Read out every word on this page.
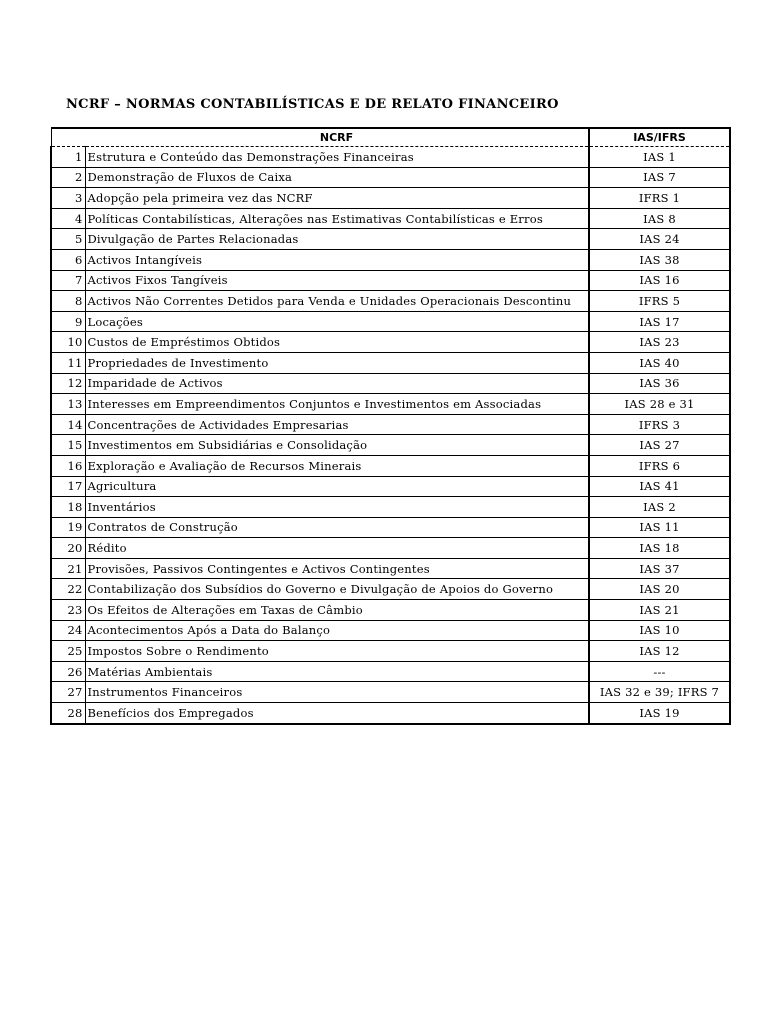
NCRF – NORMAS CONTABILÍSTICAS E DE RELATO FINANCEIRO
	NCRF	IAS/IFRS
1	Estrutura e Conteúdo das Demonstrações Financeiras	IAS 1
2	Demonstração de Fluxos de Caixa	IAS 7
3	Adopção pela primeira vez das NCRF	IFRS 1
4	Políticas Contabilísticas, Alterações nas Estimativas Contabilísticas e Erros	IAS 8
5	Divulgação de Partes Relacionadas	IAS 24
6	Activos Intangíveis	IAS 38
7	Activos Fixos Tangíveis	IAS 16
8	Activos Não Correntes Detidos para Venda e Unidades Operacionais Descontinu	IFRS 5
9	Locações	IAS 17
10	Custos de Empréstimos Obtidos	IAS 23
11	Propriedades de Investimento	IAS 40
12	Imparidade de Activos	IAS 36
13	Interesses em Empreendimentos Conjuntos e Investimentos em Associadas	IAS 28 e 31
14	Concentrações de Actividades Empresarias	IFRS 3
15	Investimentos em Subsidiárias e Consolidação	IAS 27
16	Exploração e Avaliação de Recursos Minerais	IFRS 6
17	Agricultura	IAS 41
18	Inventários	IAS 2
19	Contratos de Construção	IAS 11
20	Rédito	IAS 18
21	Provisões, Passivos Contingentes e Activos Contingentes	IAS 37
22	Contabilização dos Subsídios do Governo e Divulgação de Apoios do Governo	IAS 20
23	Os Efeitos de Alterações em Taxas de Câmbio	IAS 21
24	Acontecimentos Após a Data do Balanço	IAS 10
25	Impostos Sobre o Rendimento	IAS 12
26	Matérias Ambientais	---
27	Instrumentos Financeiros	IAS 32 e 39; IFRS 7
28	Benefícios dos Empregados	IAS 19
